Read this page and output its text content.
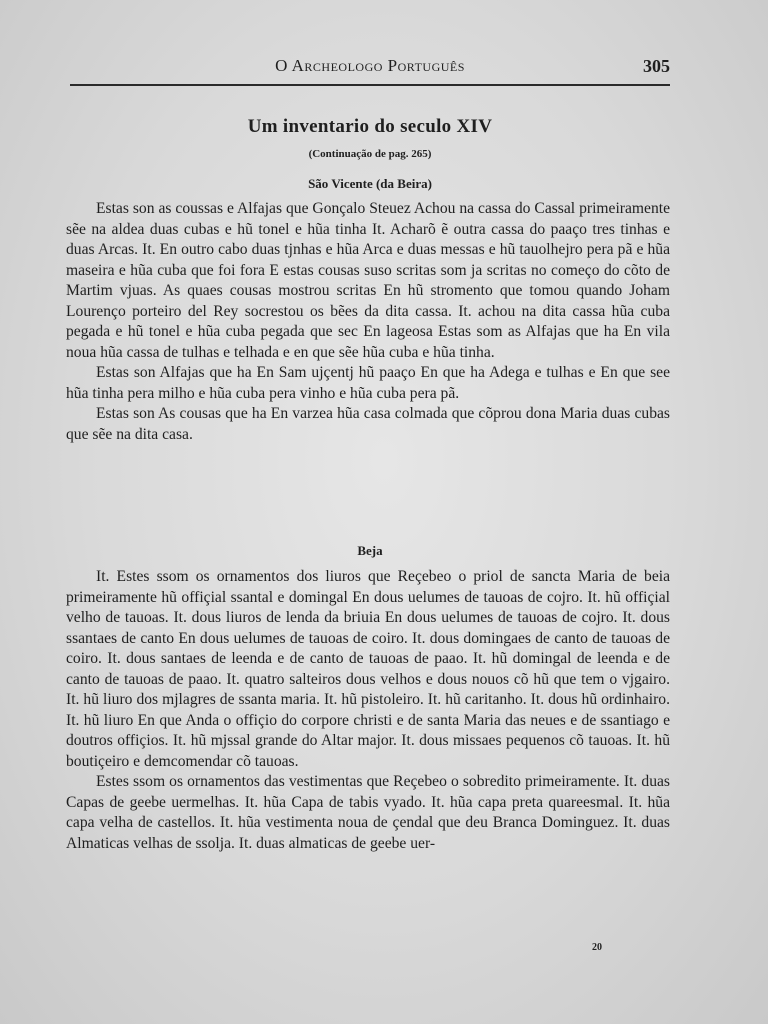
O Archeologo Português	305
Um inventario do seculo XIV
(Continuação de pag. 265)
São Vicente (da Beira)

Estas son as coussas e Alfajas que Gonçalo Steuez Achou na cassa do Cassal primeiramente sẽe na aldea duas cubas e hũ tonel e hũa tinha It. Acharõ ẽ outra cassa do paaço tres tinhas e duas Arcas. It. En outro cabo duas tjnhas e hũa Arca e duas messas e hũ tauolhejro pera pã e hũa maseira e hũa cuba que foi fora E estas cousas suso scritas som ja scritas no começo do cõto de Martim vjuas. As quaes cousas mostrou scritas En hũ stromento que tomou quando Joham Lourenço porteiro del Rey socrestou os bẽes da dita cassa. It. achou na dita cassa hũa cuba pegada e hũ tonel e hũa cuba pegada que sec En lageosa Estas som as Alfajas que ha En vila noua hũa cassa de tulhas e telhada e en que sẽe hũa cuba e hũa tinha.

Estas son Alfajas que ha En Sam ujçentj hũ paaço En que ha Adega e tulhas e En que see hũa tinha pera milho e hũa cuba pera vinho e hũa cuba pera pã.

Estas son As cousas que ha En varzea hũa casa colmada que cõprou dona Maria duas cubas que sẽe na dita casa.

Beja

It. Estes ssom os ornamentos dos liuros que Reçebeo o priol de sancta Maria de beia primeiramente hũ offiçial ssantal e domingal En dous uelumes de tauoas de cojro. It. hũ offiçial velho de tauoas. It. dous liuros de lenda da briuia En dous uelumes de tauoas de cojro. It. dous ssantaes de canto En dous uelumes de tauoas de coiro. It. dous domingaes de canto de tauoas de coiro. It. dous santaes de leenda e de canto de tauoas de paao. It. hũ domingal de leenda e de canto de tauoas de paao. It. quatro salteiros dous velhos e dous nouos cõ hũ que tem o vjgairo. It. hũ liuro dos mjlagres de ssanta maria. It. hũ pistoleiro. It. hũ caritanho. It. dous hũ ordinhairo. It. hũ liuro En que Anda o offiçio do corpore christi e de santa Maria das neues e de ssantiago e doutros offiçios. It. hũ mjssal grande do Altar major. It. dous missaes pequenos cõ tauoas. It. hũ boutiçeiro e demcomendar cõ tauoas.

Estes ssom os ornamentos das vestimentas que Reçebeo o sobredito primeiramente. It. duas Capas de geebe uermelhas. It. hũa Capa de tabis vyado. It. hũa capa preta quareesmal. It. hũa capa velha de castellos. It. hũa vestimenta noua de çendal que deu Branca Dominguez. It. duas Almaticas velhas de ssolja. It. duas almaticas de geebe uer-

20
